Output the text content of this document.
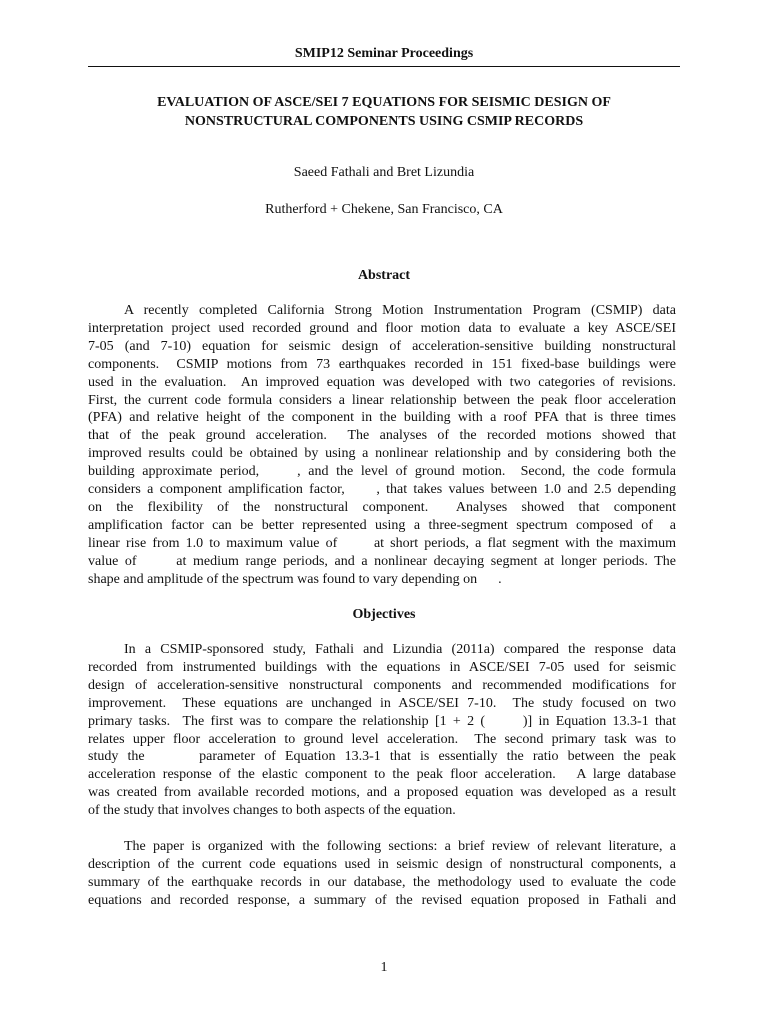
SMIP12 Seminar Proceedings
EVALUATION OF ASCE/SEI 7 EQUATIONS FOR SEISMIC DESIGN OF
NONSTRUCTURAL COMPONENTS USING CSMIP RECORDS
Saeed Fathali and Bret Lizundia
Rutherford + Chekene, San Francisco, CA
Abstract
A recently completed California Strong Motion Instrumentation Program (CSMIP) data
interpretation project used recorded ground and floor motion data to evaluate a key ASCE/SEI
7-05 (and 7-10) equation for seismic design of acceleration-sensitive building nonstructural
components.  CSMIP motions from 73 earthquakes recorded in 151 fixed-base buildings were
used in the evaluation.  An improved equation was developed with two categories of revisions.
First, the current code formula considers a linear relationship between the peak floor acceleration
(PFA) and relative height of the component in the building with a roof PFA that is three times
that of the peak ground acceleration.  The analyses of the recorded motions showed that
improved results could be obtained by using a nonlinear relationship and by considering both the
building approximate period,     , and the level of ground motion.  Second, the code formula
considers a component amplification factor,     , that takes values between 1.0 and 2.5 depending
on the flexibility of the nonstructural component.  Analyses showed that component
amplification factor can be better represented using a three-segment spectrum composed of  a
linear rise from 1.0 to maximum value of      at short periods, a flat segment with the maximum
value of      at medium range periods, and a nonlinear decaying segment at longer periods. The
shape and amplitude of the spectrum was found to vary depending on      .
Objectives
In a CSMIP-sponsored study, Fathali and Lizundia (2011a) compared the response data
recorded from instrumented buildings with the equations in ASCE/SEI 7-05 used for seismic
design of acceleration-sensitive nonstructural components and recommended modifications for
improvement.  These equations are unchanged in ASCE/SEI 7-10.  The study focused on two
primary tasks.  The first was to compare the relationship [1 + 2 (      )] in Equation 13.3-1 that
relates upper floor acceleration to ground level acceleration.  The second primary task was to
study the      parameter of Equation 13.3-1 that is essentially the ratio between the peak
acceleration response of the elastic component to the peak floor acceleration.   A large database
was created from available recorded motions, and a proposed equation was developed as a result
of the study that involves changes to both aspects of the equation.
The paper is organized with the following sections: a brief review of relevant literature, a
description of the current code equations used in seismic design of nonstructural components, a
summary of the earthquake records in our database, the methodology used to evaluate the code
equations and recorded response, a summary of the revised equation proposed in Fathali and
1
